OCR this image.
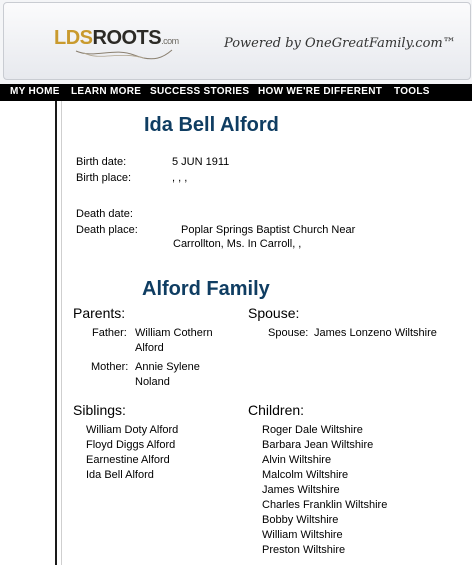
LDSROOTS.com	Powered by OneGreatFamily.com™
MY HOME LEARN MORE SUCCESS STORIES HOW WE'RE DIFFERENT TOOLS
Ida Bell Alford
Birth date:	5 JUN 1911
Birth place:	, , ,
Death date:
Death place:	Poplar Springs Baptist Church Near
Carrollton, Ms. In Carroll, ,
Alford Family
Parents:
Father: William Cothern
Alford
Mother: Annie Sylene
Noland
Spouse:
Spouse: James Lonzeno Wiltshire
Siblings:
William Doty Alford
Floyd Diggs Alford
Earnestine Alford
Ida Bell Alford
Children:
Roger Dale Wiltshire
Barbara Jean Wiltshire
Alvin Wiltshire
Malcolm Wiltshire
James Wiltshire
Charles Franklin Wiltshire
Bobby Wiltshire
William Wiltshire
Preston Wiltshire
